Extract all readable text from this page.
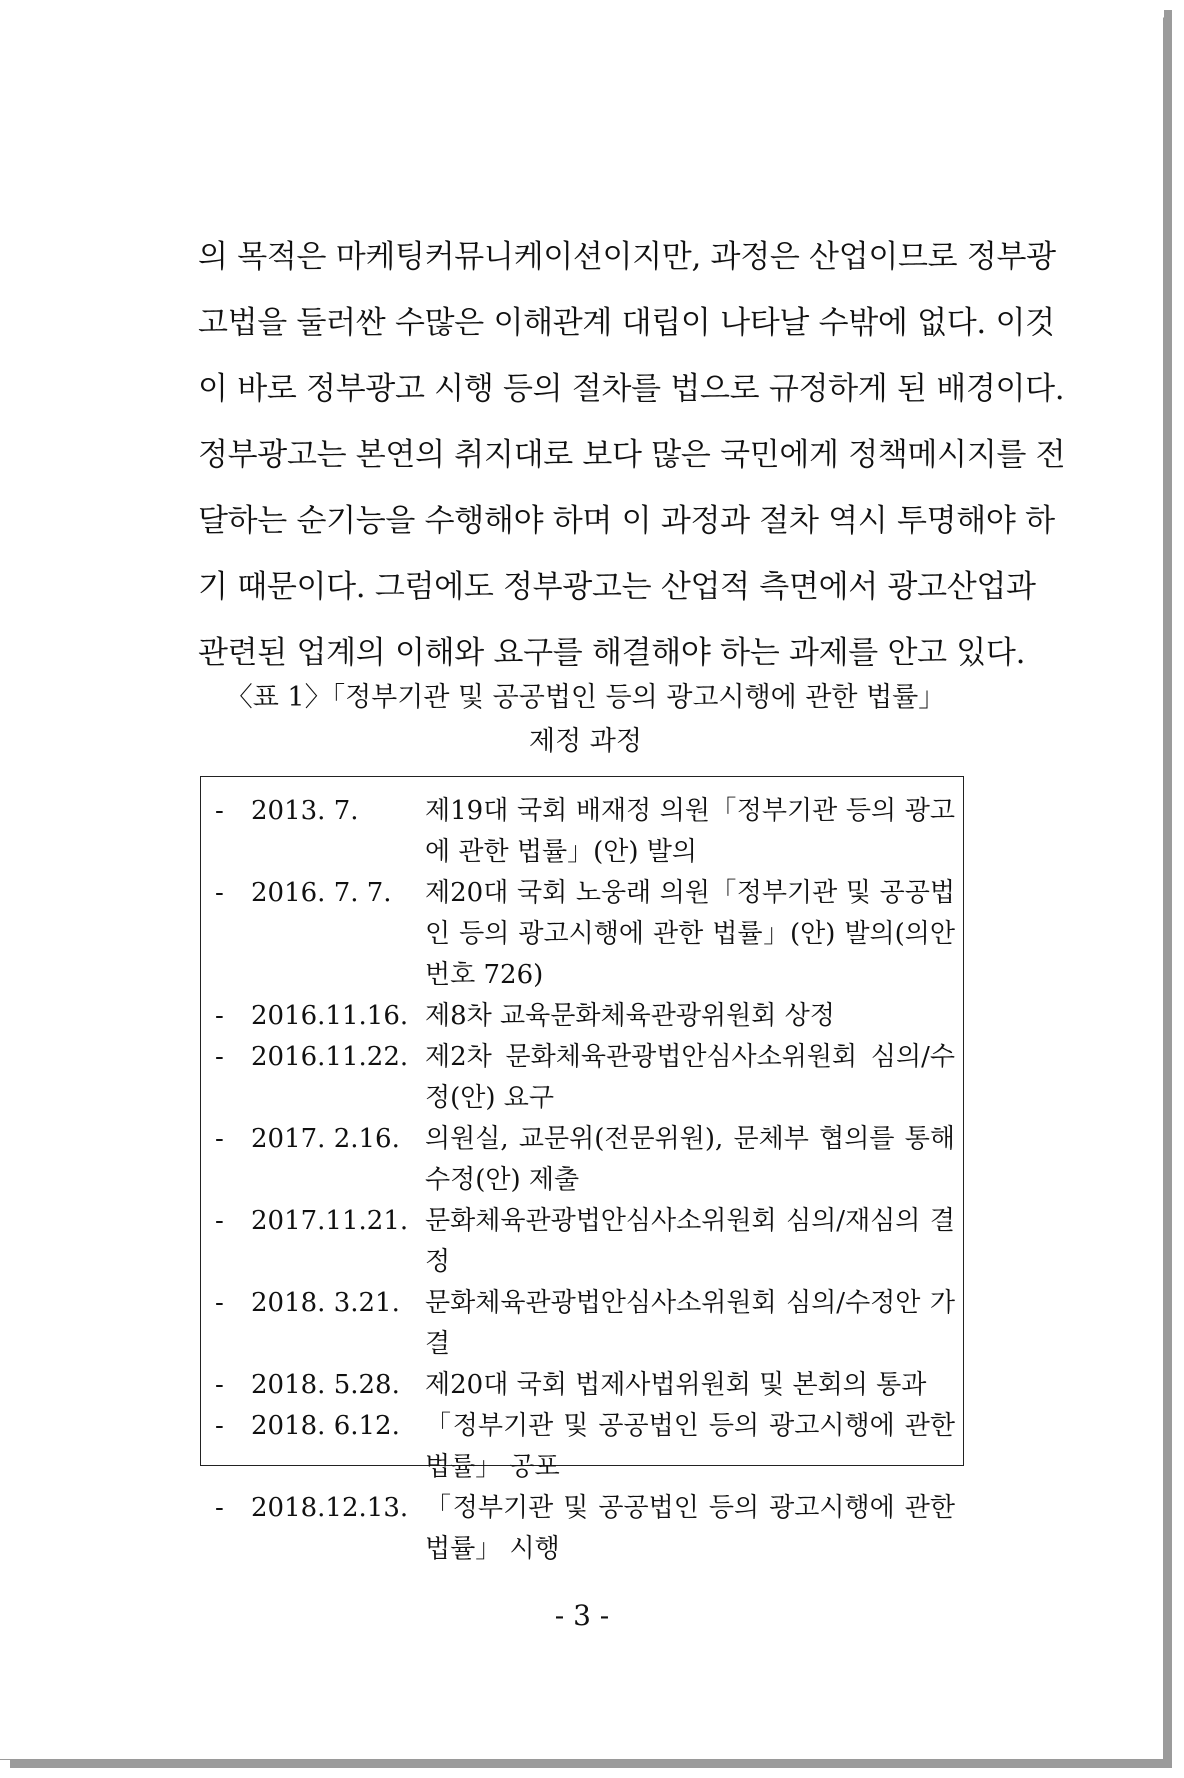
의 목적은 마케팅커뮤니케이션이지만, 과정은 산업이므로 정부광
고법을 둘러싼 수많은 이해관계 대립이 나타날 수밖에 없다. 이것
이 바로 정부광고 시행 등의 절차를 법으로 규정하게 된 배경이다.
정부광고는 본연의 취지대로 보다 많은 국민에게 정책메시지를 전
달하는 순기능을 수행해야 하며 이 과정과 절차 역시 투명해야 하
기 때문이다. 그럼에도 정부광고는 산업적 측면에서 광고산업과
관련된 업계의 이해와 요구를 해결해야 하는 과제를 안고 있다.
〈표 1〉「정부기관 및 공공법인 등의 광고시행에 관한 법률」
제정 과정
-	2013. 7.	제19대 국회 배재정 의원「정부기관 등의 광고에 관한 법률」(안) 발의
-	2016. 7. 7.	제20대 국회 노웅래 의원「정부기관 및 공공법인 등의 광고시행에 관한 법률」(안) 발의(의안번호 726)
-	2016.11.16. 제8차 교육문화체육관광위원회 상정
-	2016.11.22. 제2차 문화체육관광법안심사소위원회 심의/수정(안) 요구
-	2017. 2.16. 의원실, 교문위(전문위원), 문체부 협의를 통해 수정(안) 제출
-	2017.11.21. 문화체육관광법안심사소위원회 심의/재심의 결정
-	2018. 3.21. 문화체육관광법안심사소위원회 심의/수정안 가결
-	2018. 5.28. 제20대 국회 법제사법위원회 및 본회의 통과
-	2018. 6.12. 「정부기관 및 공공법인 등의 광고시행에 관한 법률」 공포
-	2018.12.13. 「정부기관 및 공공법인 등의 광고시행에 관한 법률」 시행
- 3 -
